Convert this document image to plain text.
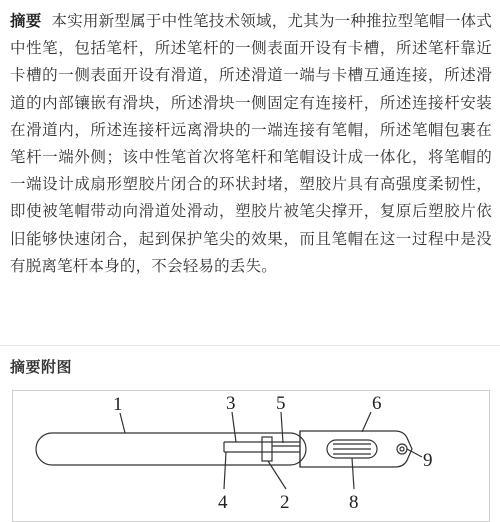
摘要 本实用新型属于中性笔技术领域，尤其为一种推拉型笔帽一体式中性笔，包括笔杆，所述笔杆的一侧表面开设有卡槽，所述笔杆靠近卡槽的一侧表面开设有滑道，所述滑道一端与卡槽互通连接，所述滑道的内部镶嵌有滑块，所述滑块一侧固定有连接杆，所述连接杆安装在滑道内，所述连接杆远离滑块的一端连接有笔帽，所述笔帽包裹在笔杆一端外侧；该中性笔首次将笔杆和笔帽设计成一体化，将笔帽的一端设计成扇形塑胶片闭合的环状封堵，塑胶片具有高强度柔韧性，即使被笔帽带动向滑道处滑动，塑胶片被笔尖撑开，复原后塑胶片依旧能够快速闭合，起到保护笔尖的效果，而且笔帽在这一过程中是没有脱离笔杆本身的，不会轻易的丢失。
摘要附图
1	3 5	6
9
4	2	8
